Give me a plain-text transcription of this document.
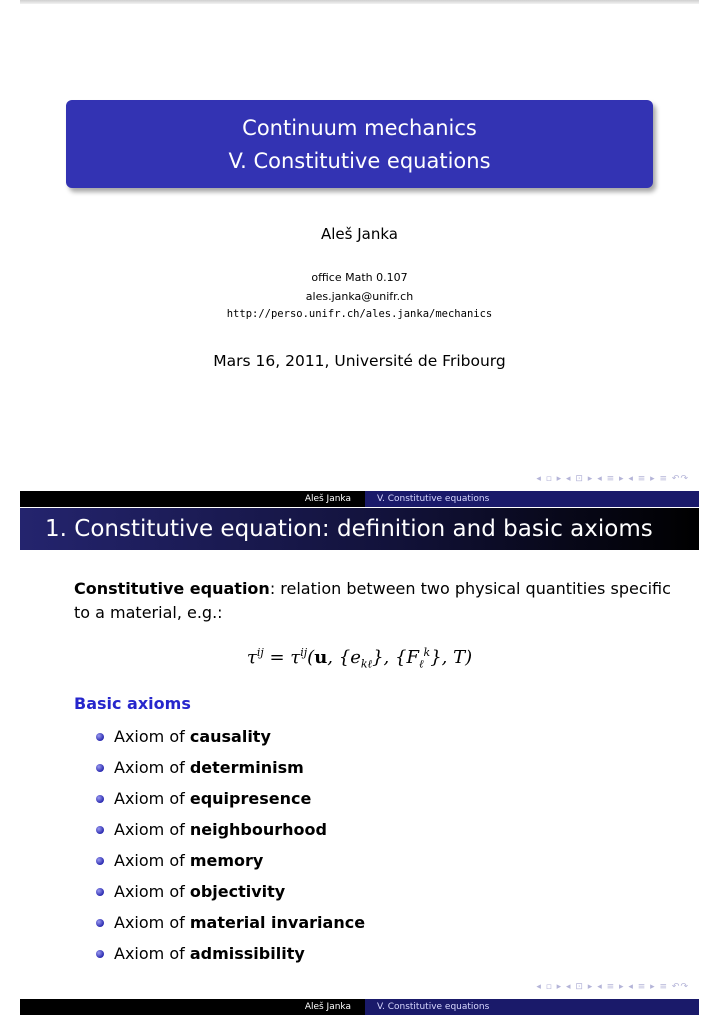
Continuum mechanics
V. Constitutive equations
Aleš Janka
office Math 0.107
ales.janka@unifr.ch
http://perso.unifr.ch/ales.janka/mechanics
Mars 16, 2011, Université de Fribourg
◂ ▫ ▸ ◂ ⊡ ▸ ◂ ≡ ▸ ◂ ≡ ▸ ≡ ↶↷
Aleš Janka	V. Constitutive equations
1. Constitutive equation: definition and basic axioms
Constitutive equation: relation between two physical quantities specific to a material, e.g.:
$\tau^{ij} = \tau^{ij}(u$, $\{e_{k\ell}\}$, $\{F_\ell^k\}$, T)
Basic axioms
Axiom of causality
Axiom of determinism
Axiom of equipresence
Axiom of neighbourhood
Axiom of memory
Axiom of objectivity
Axiom of material invariance
Axiom of admissibility
◂ ▫ ▸ ◂ ⊡ ▸ ◂ ≡ ▸ ◂ ≡ ▸ ≡ ↶↷
Aleš Janka	V. Constitutive equations
